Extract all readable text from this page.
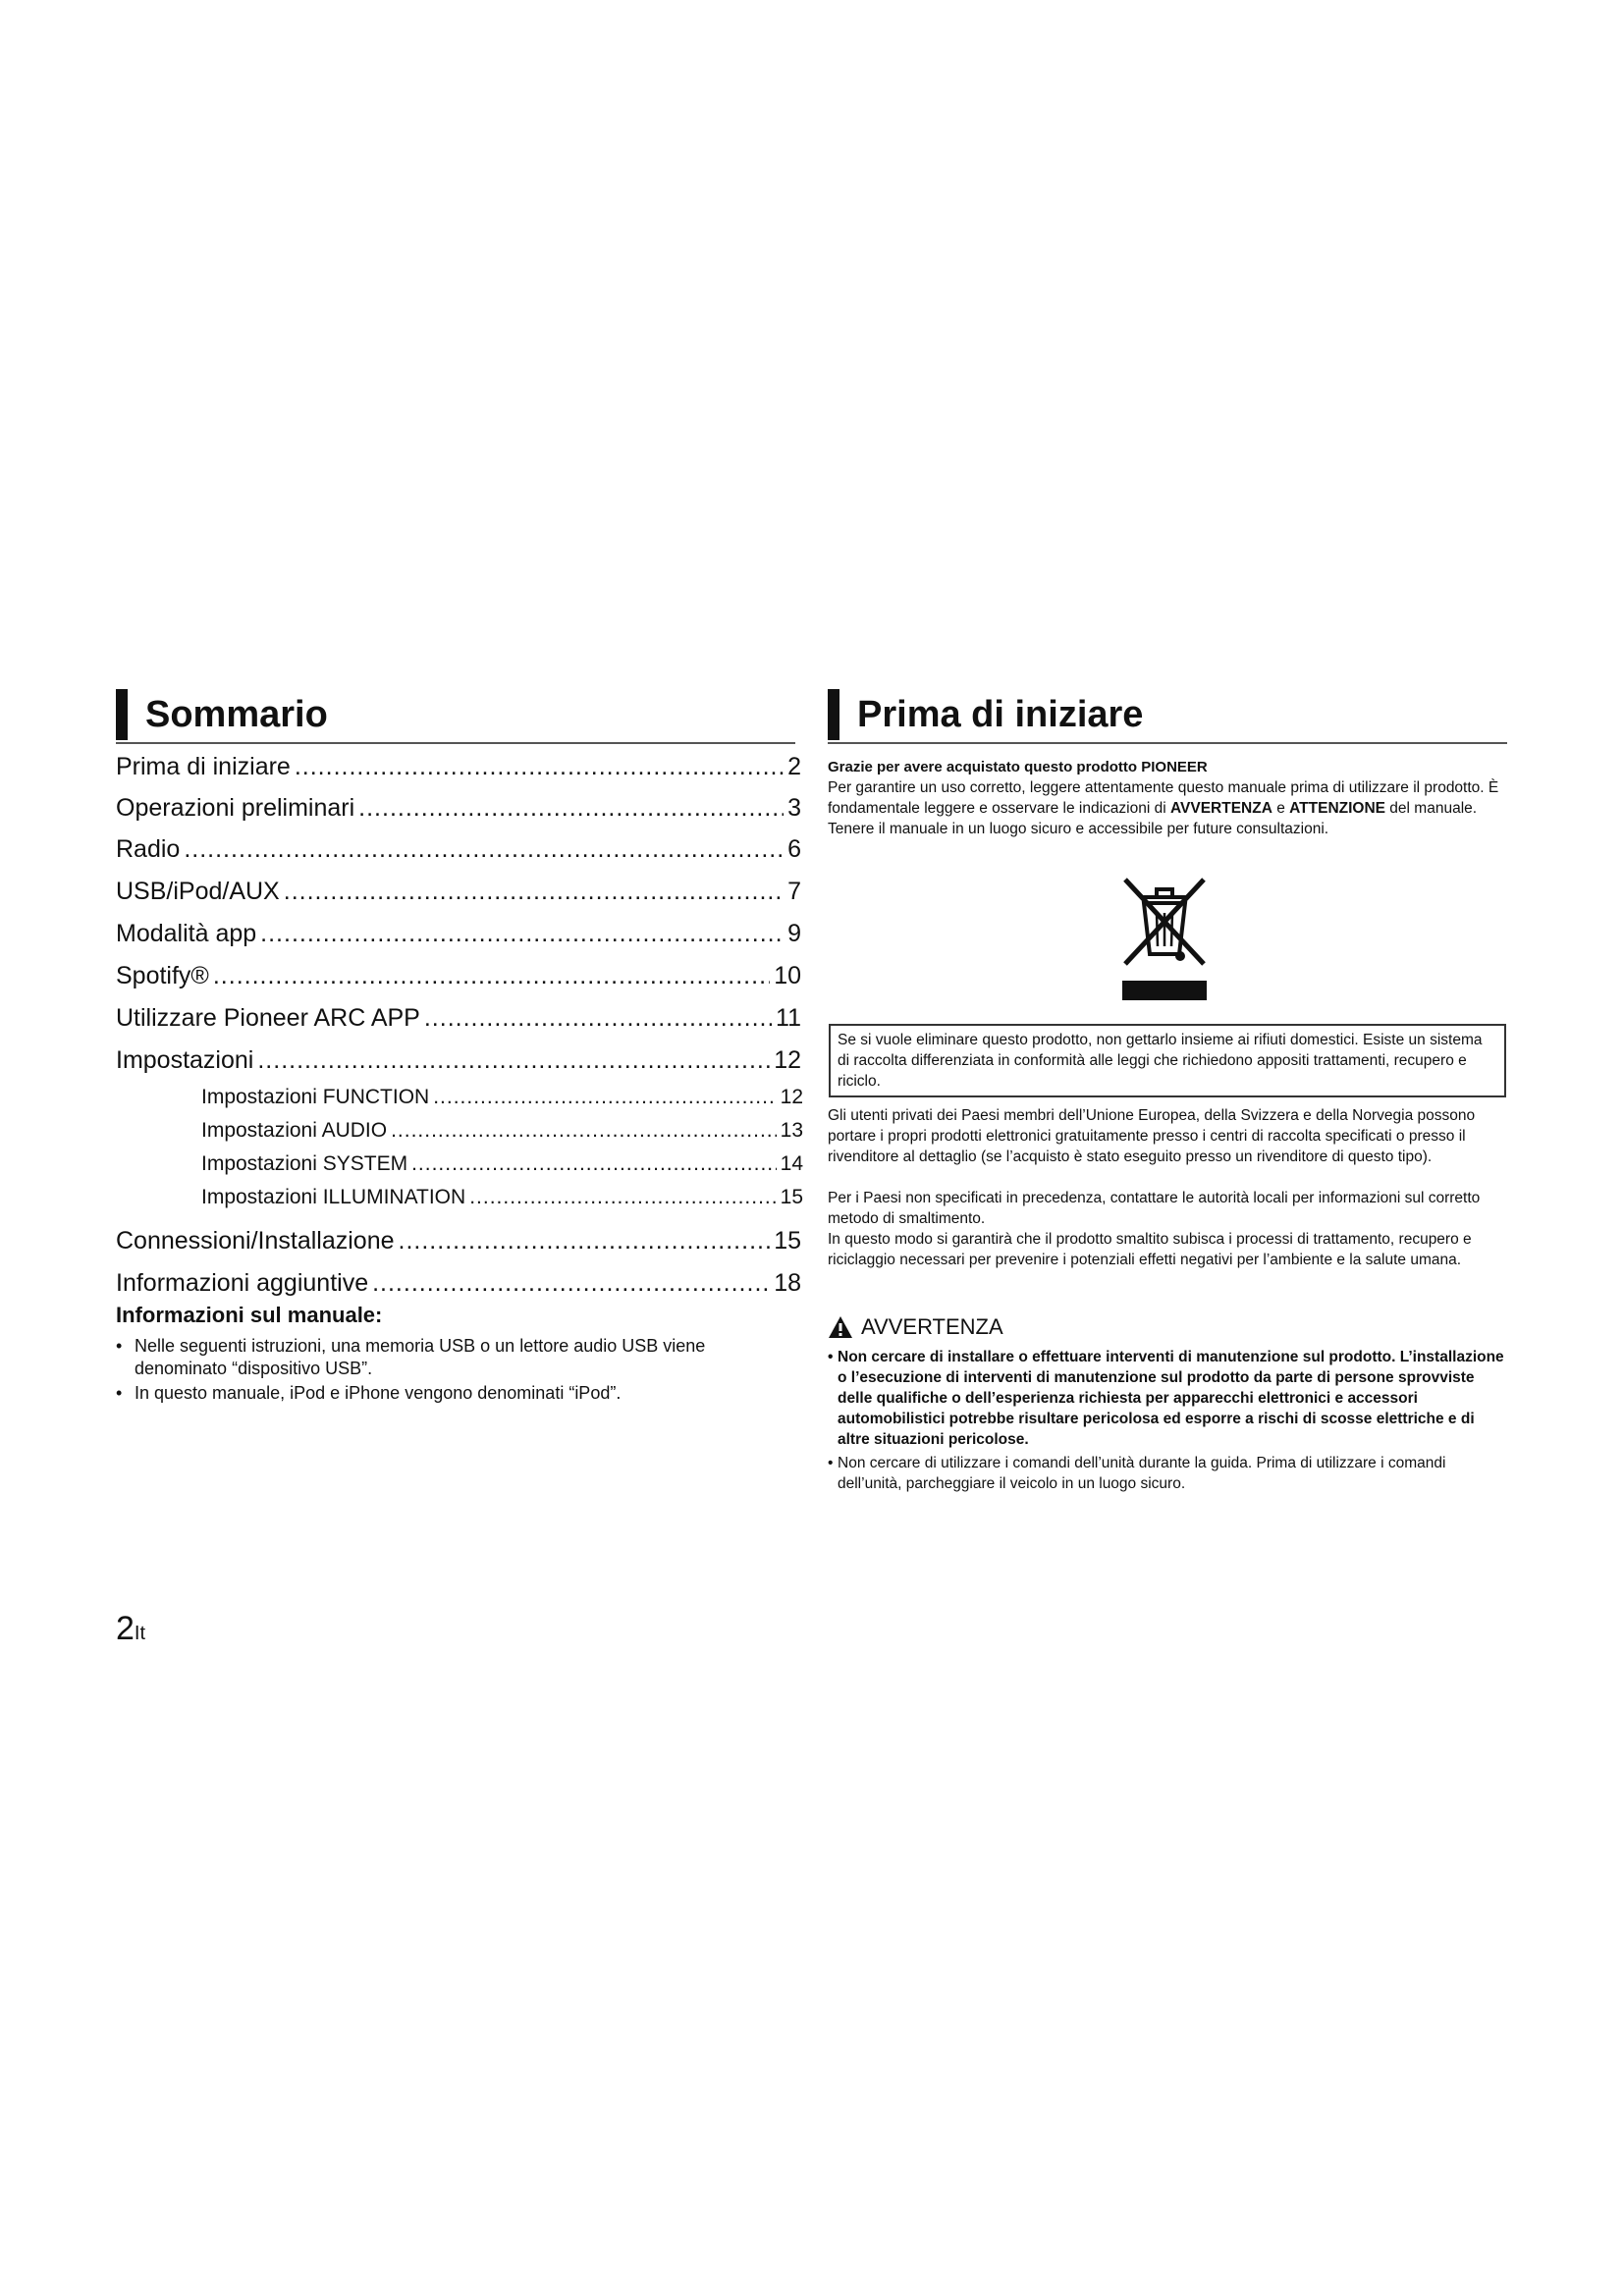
Sommario
Prima di iniziare .....	2
Operazioni preliminari .....	3
Radio .....	6
USB/iPod/AUX .....	7
Modalità app .....	9
Spotify® .....	10
Utilizzare Pioneer ARC APP .....	11
Impostazioni .....	12
Impostazioni FUNCTION .....	12
Impostazioni AUDIO .....	13
Impostazioni SYSTEM .....	14
Impostazioni ILLUMINATION .....	15
Connessioni/Installazione .....	15
Informazioni aggiuntive .....	18
Informazioni sul manuale:
• Nelle seguenti istruzioni, una memoria USB o un lettore audio USB viene denominato “dispositivo USB”.
• In questo manuale, iPod e iPhone vengono denominati “iPod”.
Prima di iniziare
Grazie per avere acquistato questo prodotto PIONEER

Per garantire un uso corretto, leggere attentamente questo manuale prima di utilizzare il prodotto. È fondamentale leggere e osservare le indicazioni di AVVERTENZA e ATTENZIONE del manuale. Tenere il manuale in un luogo sicuro e accessibile per future consultazioni.

Se si vuole eliminare questo prodotto, non gettarlo insieme ai rifiuti domestici. Esiste un sistema di raccolta differenziata in conformità alle leggi che richiedono appositi trattamenti, recupero e riciclo.

Gli utenti privati dei Paesi membri dell’Unione Europea, della Svizzera e della Norvegia possono portare i propri prodotti elettronici gratuitamente presso i centri di raccolta specificati o presso il rivenditore al dettaglio (se l’acquisto è stato eseguito presso un rivenditore di questo tipo).

Per i Paesi non specificati in precedenza, contattare le autorità locali per informazioni sul corretto metodo di smaltimento.

In questo modo si garantirà che il prodotto smaltito subisca i processi di trattamento, recupero e riciclaggio necessari per prevenire i potenziali effetti negativi per l’ambiente e la salute umana.

AVVERTENZA
• Non cercare di installare o effettuare interventi di manutenzione sul prodotto. L’installazione o l’esecuzione di interventi di manutenzione sul prodotto da parte di persone sprovviste delle qualifiche o dell’esperienza richiesta per apparecchi elettronici e accessori automobilistici potrebbe risultare pericolosa ed esporre a rischi di scosse elettriche e di altre situazioni pericolose.
• Non cercare di utilizzare i comandi dell’unità durante la guida. Prima di utilizzare i comandi dell’unità, parcheggiare il veicolo in un luogo sicuro.
2It
